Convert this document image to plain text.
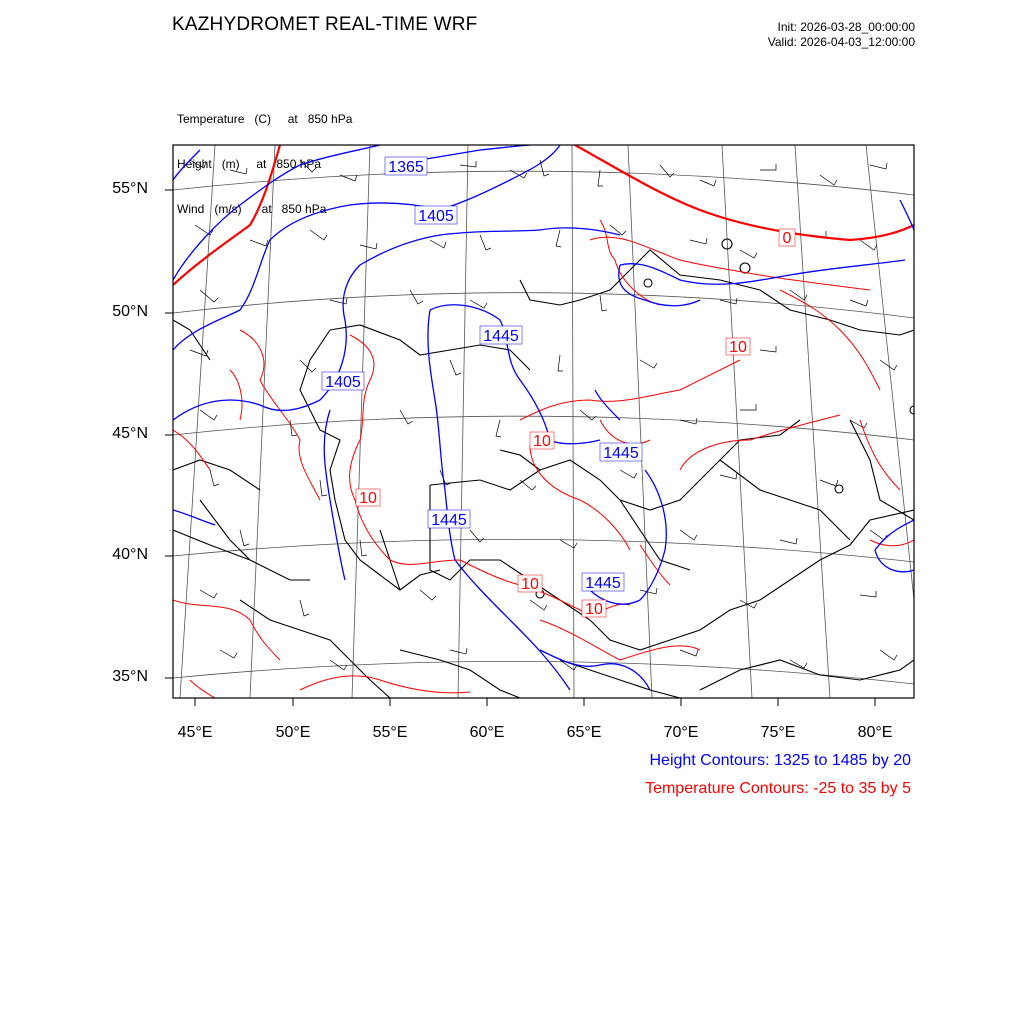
KAZHYDROMET REAL-TIME WRF	Init: 2026-03-28_00:00:00
Valid: 2026-04-03_12:00:00

Temperature   (C)     at   850 hPa

Height   (m)     at   850 hPa

Wind   (m/s)      at   850 hPa

1365
1405
1445
1405
1445
1445
1445
0
10
10
10
10
10
55°N
50°N
45°N
40°N
35°N
45°E	50°E	55°E	60°E	65°E	70°E	75°E	80°E
Height Contours: 1325 to 1485 by 20
Temperature Contours: -25 to 35 by 5
